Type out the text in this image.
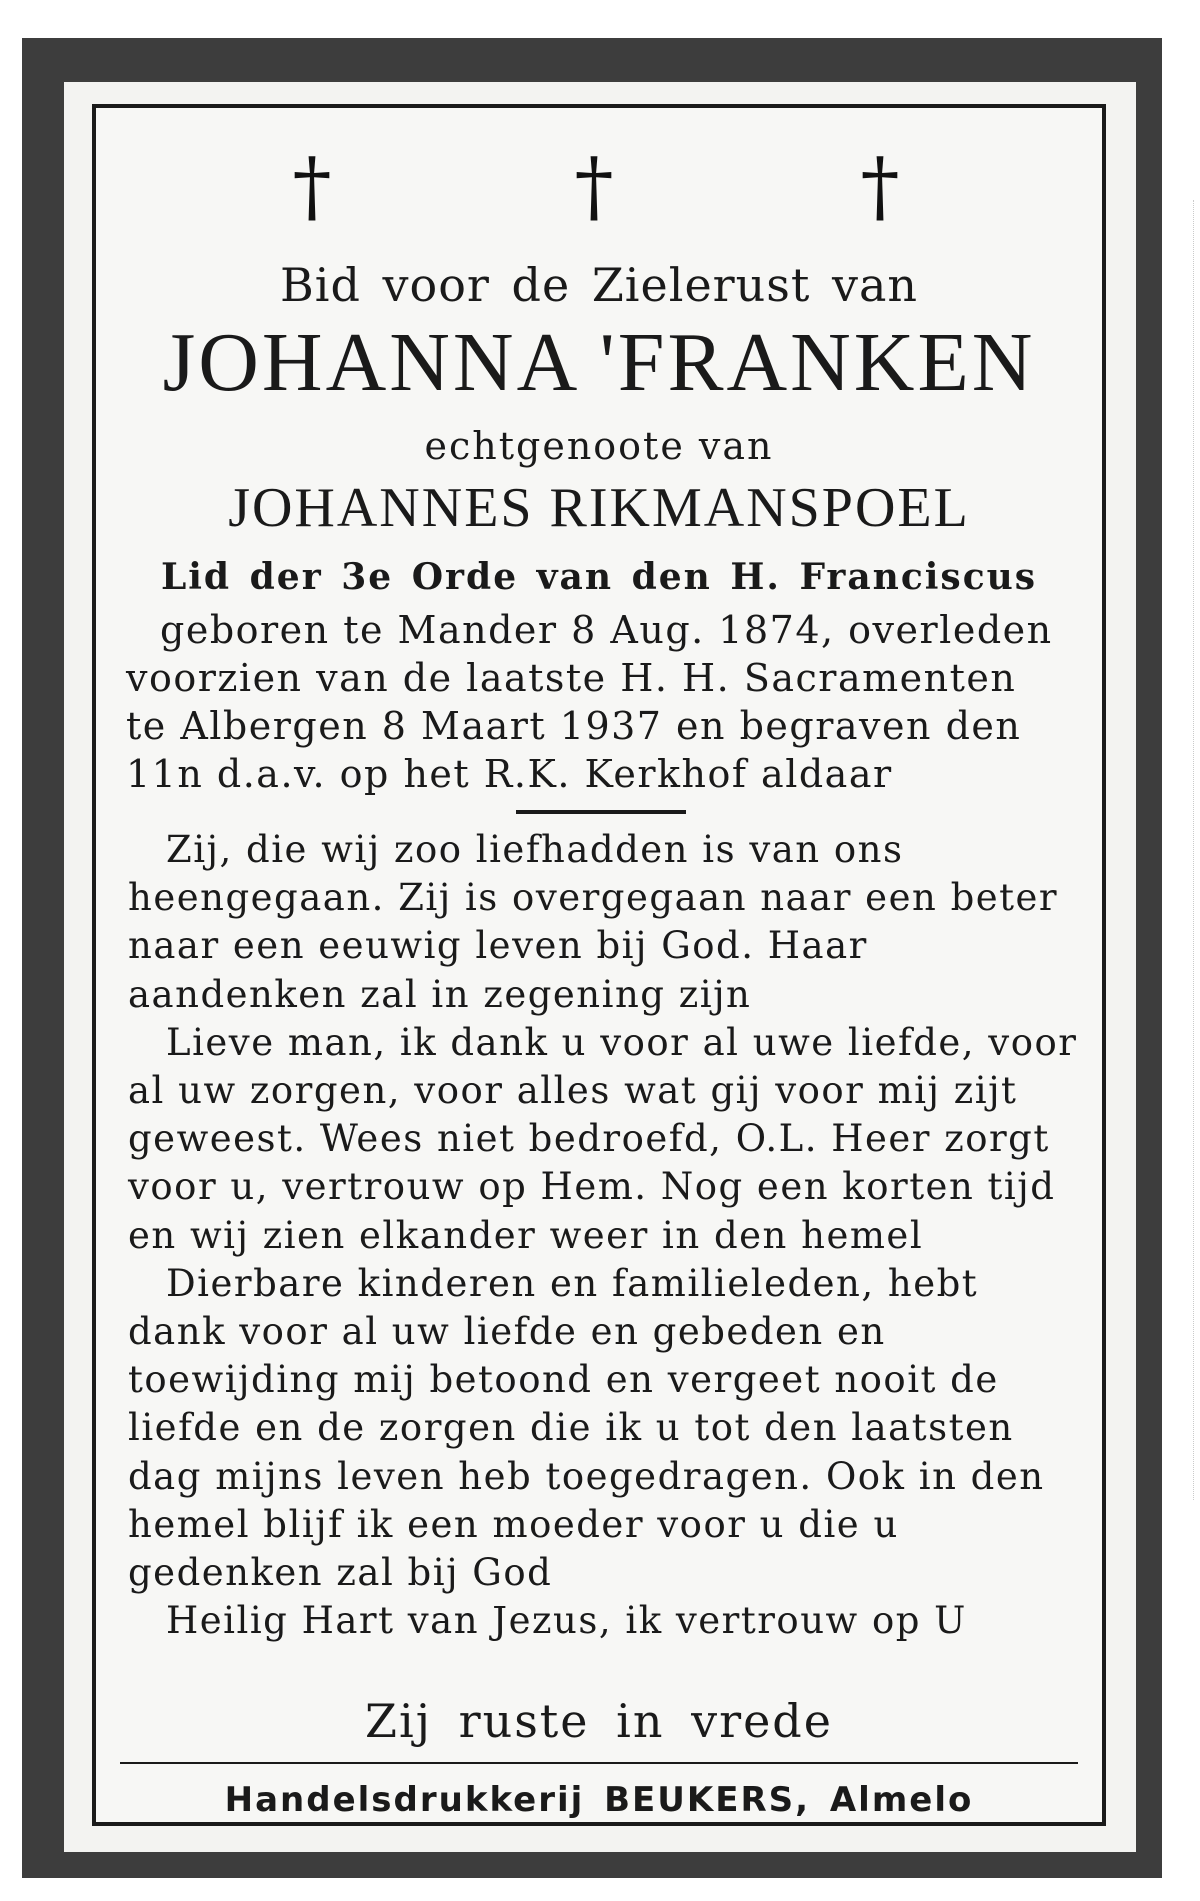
†	†	†
Bid voor de Zielerust van
JOHANNA 'FRANKEN
echtgenoote van
JOHANNES RIKMANSPOEL
Lid der 3e Orde van den H. Franciscus
geboren te Mander 8 Aug. 1874, overleden
voorzien van de laatste H. H. Sacramenten
te Albergen 8 Maart 1937 en begraven den
11n d.a.v. op het R.K. Kerkhof aldaar
Zij, die wij zoo liefhadden is van ons heengegaan. Zij is overgegaan naar een beter naar een eeuwig leven bij God. Haar aandenken zal in zegening zijn
Lieve man, ik dank u voor al uwe liefde, voor al uw zorgen, voor alles wat gij voor mij zijt geweest. Wees niet bedroefd, O.L. Heer zorgt voor u, vertrouw op Hem. Nog een korten tijd en wij zien elkander weer in den hemel
Dierbare kinderen en familieleden, hebt dank voor al uw liefde en gebeden en toewijding mij betoond en vergeet nooit de liefde en de zorgen die ik u tot den laatsten dag mijns leven heb toegedragen. Ook in den hemel blijf ik een moeder voor u die u gedenken zal bij God
Heilig Hart van Jezus, ik vertrouw op U
Zij ruste in vrede
Handelsdrukkerij BEUKERS, Almelo
